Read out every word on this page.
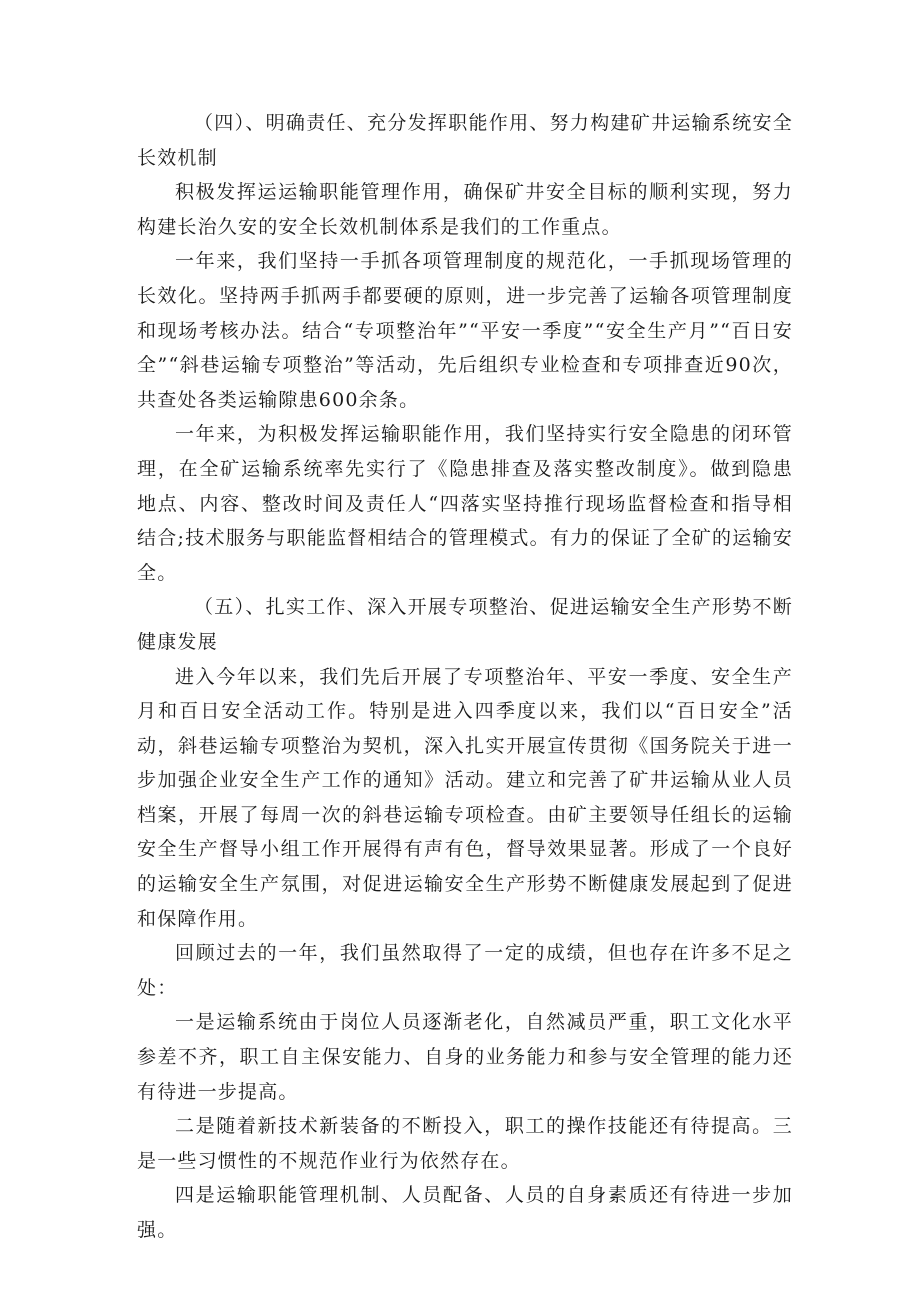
（四）、明确责任、充分发挥职能作用、努力构建矿井运输系统安全长效机制

积极发挥运运输职能管理作用，确保矿井安全目标的顺利实现，努力构建长治久安的安全长效机制体系是我们的工作重点。

一年来，我们坚持一手抓各项管理制度的规范化，一手抓现场管理的长效化。坚持两手抓两手都要硬的原则，进一步完善了运输各项管理制度和现场考核办法。结合“专项整治年”“平安一季度”“安全生产月”“百日安全”“斜巷运输专项整治”等活动，先后组织专业检查和专项排查近90次，共查处各类运输隙患600余条。

一年来，为积极发挥运输职能作用，我们坚持实行安全隐患的闭环管理，在全矿运输系统率先实行了《隐患排查及落实整改制度》。做到隐患地点、内容、整改时间及责任人“四落实坚持推行现场监督检查和指导相结合;技术服务与职能监督相结合的管理模式。有力的保证了全矿的运输安全。

（五）、扎实工作、深入开展专项整治、促进运输安全生产形势不断健康发展

进入今年以来，我们先后开展了专项整治年、平安一季度、安全生产月和百日安全活动工作。特别是进入四季度以来，我们以“百日安全”活动，斜巷运输专项整治为契机，深入扎实开展宣传贯彻《国务院关于进一步加强企业安全生产工作的通知》活动。建立和完善了矿井运输从业人员档案，开展了每周一次的斜巷运输专项检查。由矿主要领导任组长的运输安全生产督导小组工作开展得有声有色，督导效果显著。形成了一个良好的运输安全生产氛围，对促进运输安全生产形势不断健康发展起到了促进和保障作用。

回顾过去的一年，我们虽然取得了一定的成绩，但也存在许多不足之处：

一是运输系统由于岗位人员逐渐老化，自然减员严重，职工文化水平参差不齐，职工自主保安能力、自身的业务能力和参与安全管理的能力还有待进一步提高。

二是随着新技术新装备的不断投入，职工的操作技能还有待提高。三是一些习惯性的不规范作业行为依然存在。

四是运输职能管理机制、人员配备、人员的自身素质还有待进一步加强。
